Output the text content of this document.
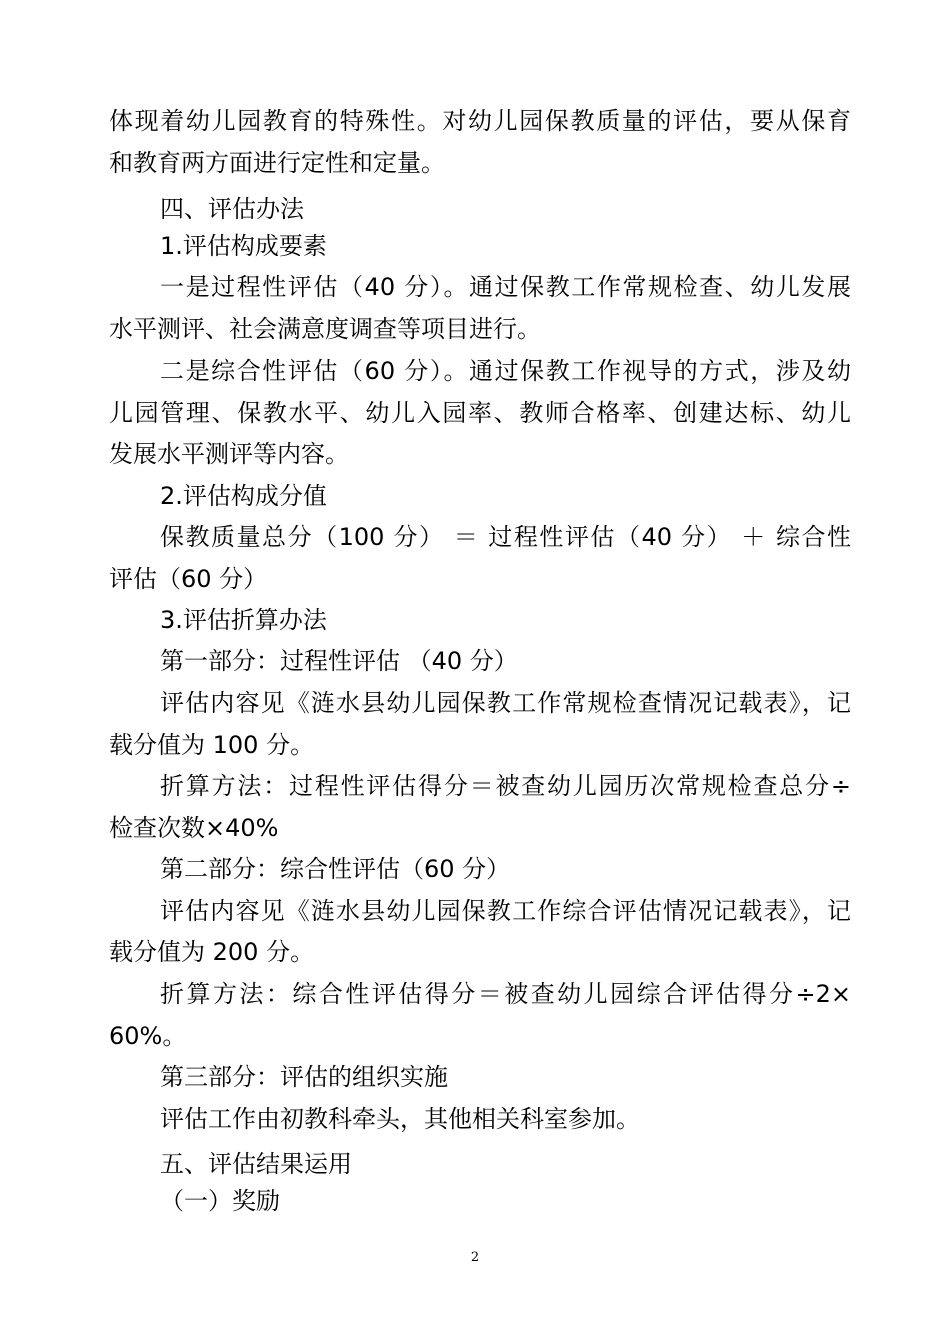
体现着幼儿园教育的特殊性。对幼儿园保教质量的评估，要从保育
和教育两方面进行定性和定量。
四、评估办法
1.评估构成要素
一是过程性评估（40 分）。通过保教工作常规检查、幼儿发展
水平测评、社会满意度调查等项目进行。
二是综合性评估（60 分）。通过保教工作视导的方式，涉及幼
儿园管理、保教水平、幼儿入园率、教师合格率、创建达标、幼儿
发展水平测评等内容。
2.评估构成分值
保教质量总分（100 分） ＝ 过程性评估（40 分） ＋ 综合性
评估（60 分）
3.评估折算办法
第一部分：过程性评估 （40 分）
评估内容见《涟水县幼儿园保教工作常规检查情况记载表》，记
载分值为 100 分。
折算方法：过程性评估得分＝被查幼儿园历次常规检查总分÷
检查次数×40%
第二部分：综合性评估（60 分）
评估内容见《涟水县幼儿园保教工作综合评估情况记载表》，记
载分值为 200 分。
折算方法：综合性评估得分＝被查幼儿园综合评估得分÷2×
60%。
第三部分：评估的组织实施
评估工作由初教科牵头，其他相关科室参加。
五、评估结果运用
（一）奖励
2
